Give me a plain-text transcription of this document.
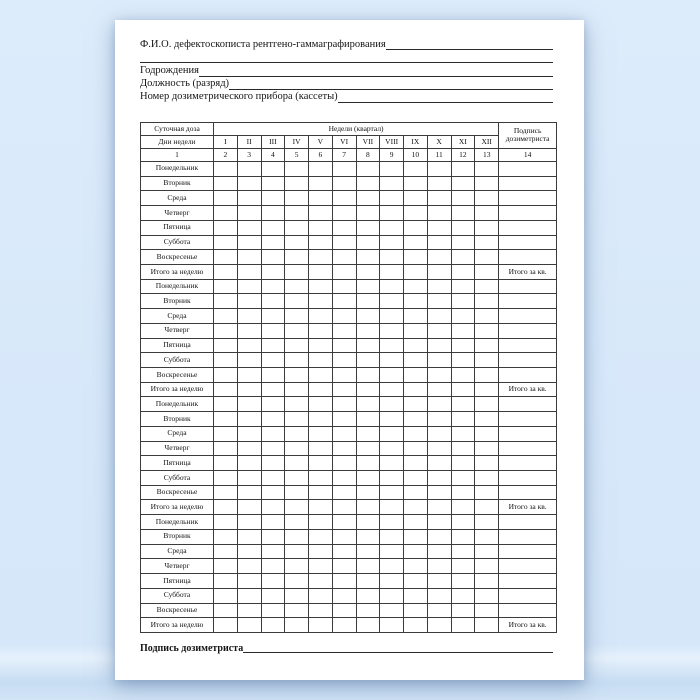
Ф.И.О. дефектоскописта рентгено-гаммаграфирования
Годрождения
Должность (разряд)
Номер дозиметрического прибора (кассеты)
Суточная доза	Недели (квартал)												Подпись дозиметриста
Дни недели	I	II	III	IV	V	VI	VII	VIII	IX	X	XI	XII	
1	2	3	4	5	6	7	8	9	10	11	12	13	14
Понедельник													
Вторник													
Среда													
Четверг													
Пятница													
Суббота													
Воскресенье													
Итого за неделю													Итого за кв.
Понедельник													
Вторник													
Среда													
Четверг													
Пятница													
Суббота													
Воскресенье													
Итого за неделю													Итого за кв.
Понедельник													
Вторник													
Среда													
Четверг													
Пятница													
Суббота													
Воскресенье													
Итого за неделю													Итого за кв.
Понедельник													
Вторник													
Среда													
Четверг													
Пятница													
Суббота													
Воскресенье													
Итого за неделю													Итого за кв.
Подпись дозиметриста
